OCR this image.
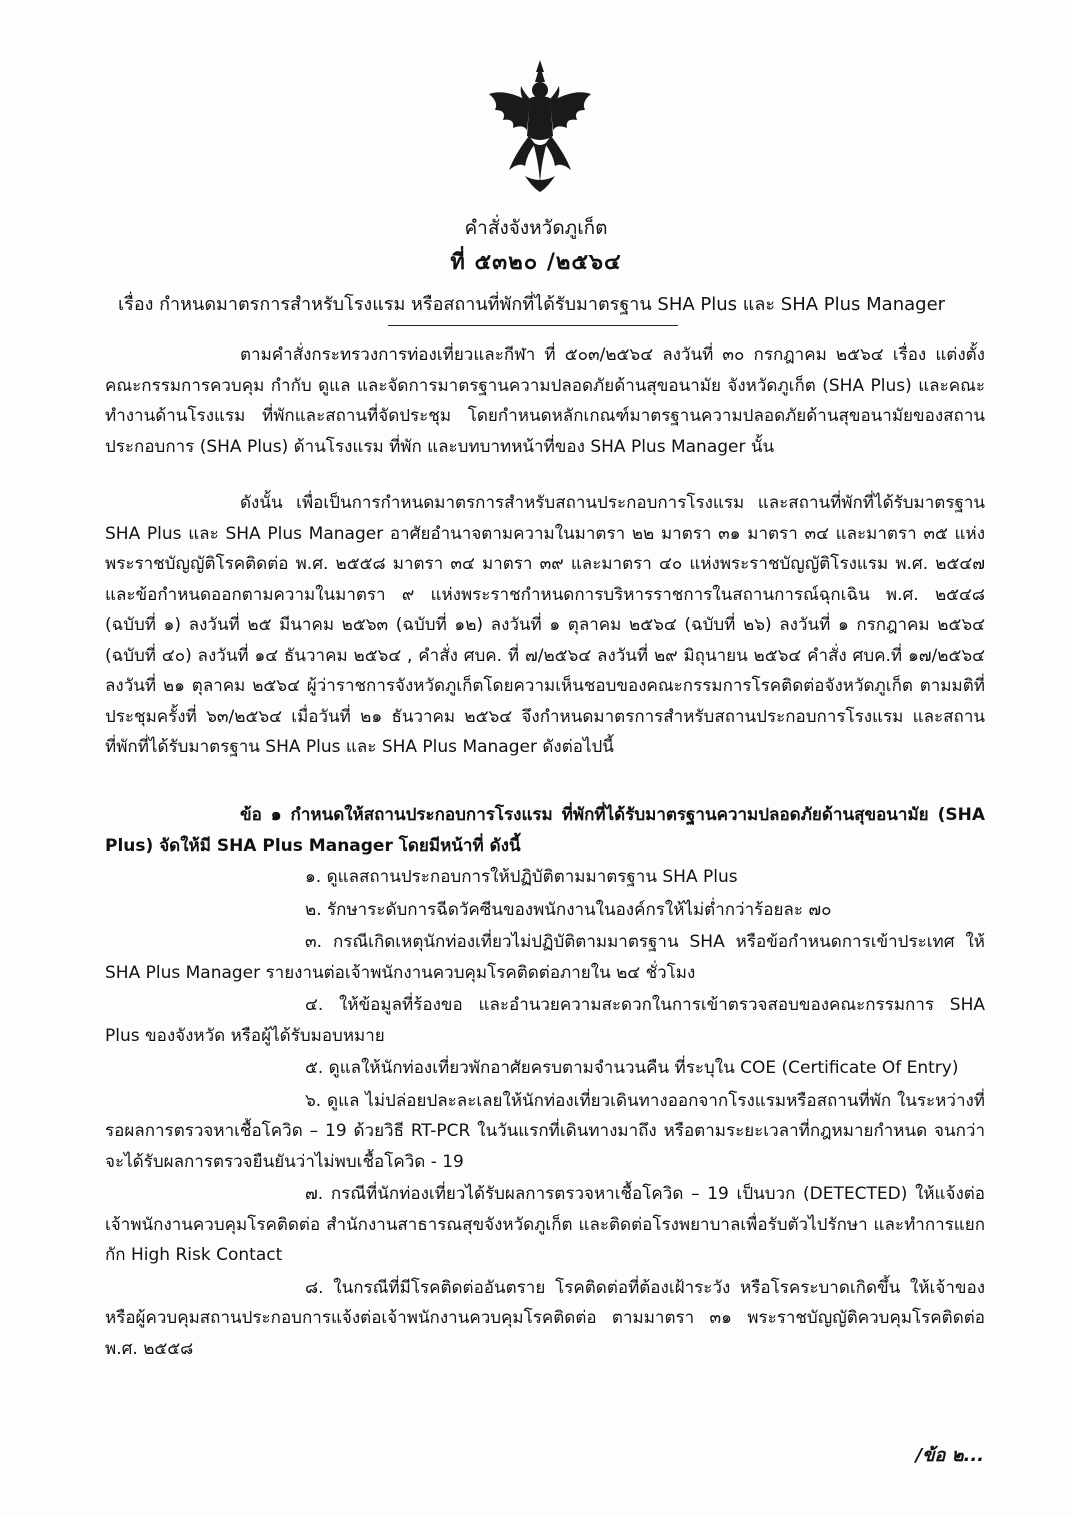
คำสั่งจังหวัดภูเก็ต
ที่ ๕๓๒๐ /๒๕๖๔
เรื่อง กำหนดมาตรการสำหรับโรงแรม หรือสถานที่พักที่ได้รับมาตรฐาน SHA Plus และ SHA Plus Manager

ตามคำสั่งกระทรวงการท่องเที่ยวและกีฬา ที่ ๕๐๓/๒๕๖๔ ลงวันที่ ๓๐ กรกฎาคม ๒๕๖๔ เรื่อง แต่งตั้งคณะกรรมการควบคุม กำกับ ดูแล และจัดการมาตรฐานความปลอดภัยด้านสุขอนามัย จังหวัดภูเก็ต (SHA Plus) และคณะทำงานด้านโรงแรม ที่พักและสถานที่จัดประชุม โดยกำหนดหลักเกณฑ์มาตรฐานความปลอดภัยด้านสุขอนามัยของสถานประกอบการ (SHA Plus) ด้านโรงแรม ที่พัก และบทบาทหน้าที่ของ SHA Plus Manager นั้น

ดังนั้น เพื่อเป็นการกำหนดมาตรการสำหรับสถานประกอบการโรงแรม และสถานที่พักที่ได้รับมาตรฐาน SHA Plus และ SHA Plus Manager อาศัยอำนาจตามความในมาตรา ๒๒ มาตรา ๓๑ มาตรา ๓๔ และมาตรา ๓๕ แห่งพระราชบัญญัติโรคติดต่อ พ.ศ. ๒๕๕๘ มาตรา ๓๔ มาตรา ๓๙ และมาตรา ๔๐ แห่งพระราชบัญญัติโรงแรม พ.ศ. ๒๕๔๗ และข้อกำหนดออกตามความในมาตรา ๙ แห่งพระราชกำหนดการบริหารราชการในสถานการณ์ฉุกเฉิน พ.ศ. ๒๕๔๘ (ฉบับที่ ๑) ลงวันที่ ๒๕ มีนาคม ๒๕๖๓ (ฉบับที่ ๑๒) ลงวันที่ ๑ ตุลาคม ๒๕๖๔ (ฉบับที่ ๒๖) ลงวันที่ ๑ กรกฎาคม ๒๕๖๔ (ฉบับที่ ๔๐) ลงวันที่ ๑๔ ธันวาคม ๒๕๖๔ , คำสั่ง ศบค. ที่ ๗/๒๕๖๔ ลงวันที่ ๒๙ มิถุนายน ๒๕๖๔ คำสั่ง ศบค.ที่ ๑๗/๒๕๖๔ ลงวันที่ ๒๑ ตุลาคม ๒๕๖๔ ผู้ว่าราชการจังหวัดภูเก็ตโดยความเห็นชอบของคณะกรรมการโรคติดต่อจังหวัดภูเก็ต ตามมติที่ประชุมครั้งที่ ๖๓/๒๕๖๔ เมื่อวันที่ ๒๑ ธันวาคม ๒๕๖๔ จึงกำหนดมาตรการสำหรับสถานประกอบการโรงแรม และสถานที่พักที่ได้รับมาตรฐาน SHA Plus และ SHA Plus Manager ดังต่อไปนี้

ข้อ ๑ กำหนดให้สถานประกอบการโรงแรม ที่พักที่ได้รับมาตรฐานความปลอดภัยด้านสุขอนามัย (SHA Plus) จัดให้มี SHA Plus Manager โดยมีหน้าที่ ดังนี้

๑. ดูแลสถานประกอบการให้ปฏิบัติตามมาตรฐาน SHA Plus
๒. รักษาระดับการฉีดวัคซีนของพนักงานในองค์กรให้ไม่ต่ำกว่าร้อยละ ๗๐
๓. กรณีเกิดเหตุนักท่องเที่ยวไม่ปฏิบัติตามมาตรฐาน SHA หรือข้อกำหนดการเข้าประเทศ ให้ SHA Plus Manager รายงานต่อเจ้าพนักงานควบคุมโรคติดต่อภายใน ๒๔ ชั่วโมง
๔. ให้ข้อมูลที่ร้องขอ และอำนวยความสะดวกในการเข้าตรวจสอบของคณะกรรมการ SHA Plus ของจังหวัด หรือผู้ได้รับมอบหมาย
๕. ดูแลให้นักท่องเที่ยวพักอาศัยครบตามจำนวนคืน ที่ระบุใน COE (Certificate Of Entry)
๖. ดูแล ไม่ปล่อยปละละเลยให้นักท่องเที่ยวเดินทางออกจากโรงแรมหรือสถานที่พัก ในระหว่างที่รอผลการตรวจหาเชื้อโควิด – 19 ด้วยวิธี RT-PCR ในวันแรกที่เดินทางมาถึง หรือตามระยะเวลาที่กฎหมายกำหนด จนกว่าจะได้รับผลการตรวจยืนยันว่าไม่พบเชื้อโควิด - 19
๗. กรณีที่นักท่องเที่ยวได้รับผลการตรวจหาเชื้อโควิด – 19 เป็นบวก (DETECTED) ให้แจ้งต่อเจ้าพนักงานควบคุมโรคติดต่อ สำนักงานสาธารณสุขจังหวัดภูเก็ต และติดต่อโรงพยาบาลเพื่อรับตัวไปรักษา และทำการแยกกัก High Risk Contact
๘. ในกรณีที่มีโรคติดต่ออันตราย โรคติดต่อที่ต้องเฝ้าระวัง หรือโรคระบาดเกิดขึ้น ให้เจ้าของ หรือผู้ควบคุมสถานประกอบการแจ้งต่อเจ้าพนักงานควบคุมโรคติดต่อ ตามมาตรา ๓๑ พระราชบัญญัติควบคุมโรคติดต่อ พ.ศ. ๒๕๕๘
/ข้อ ๒...
